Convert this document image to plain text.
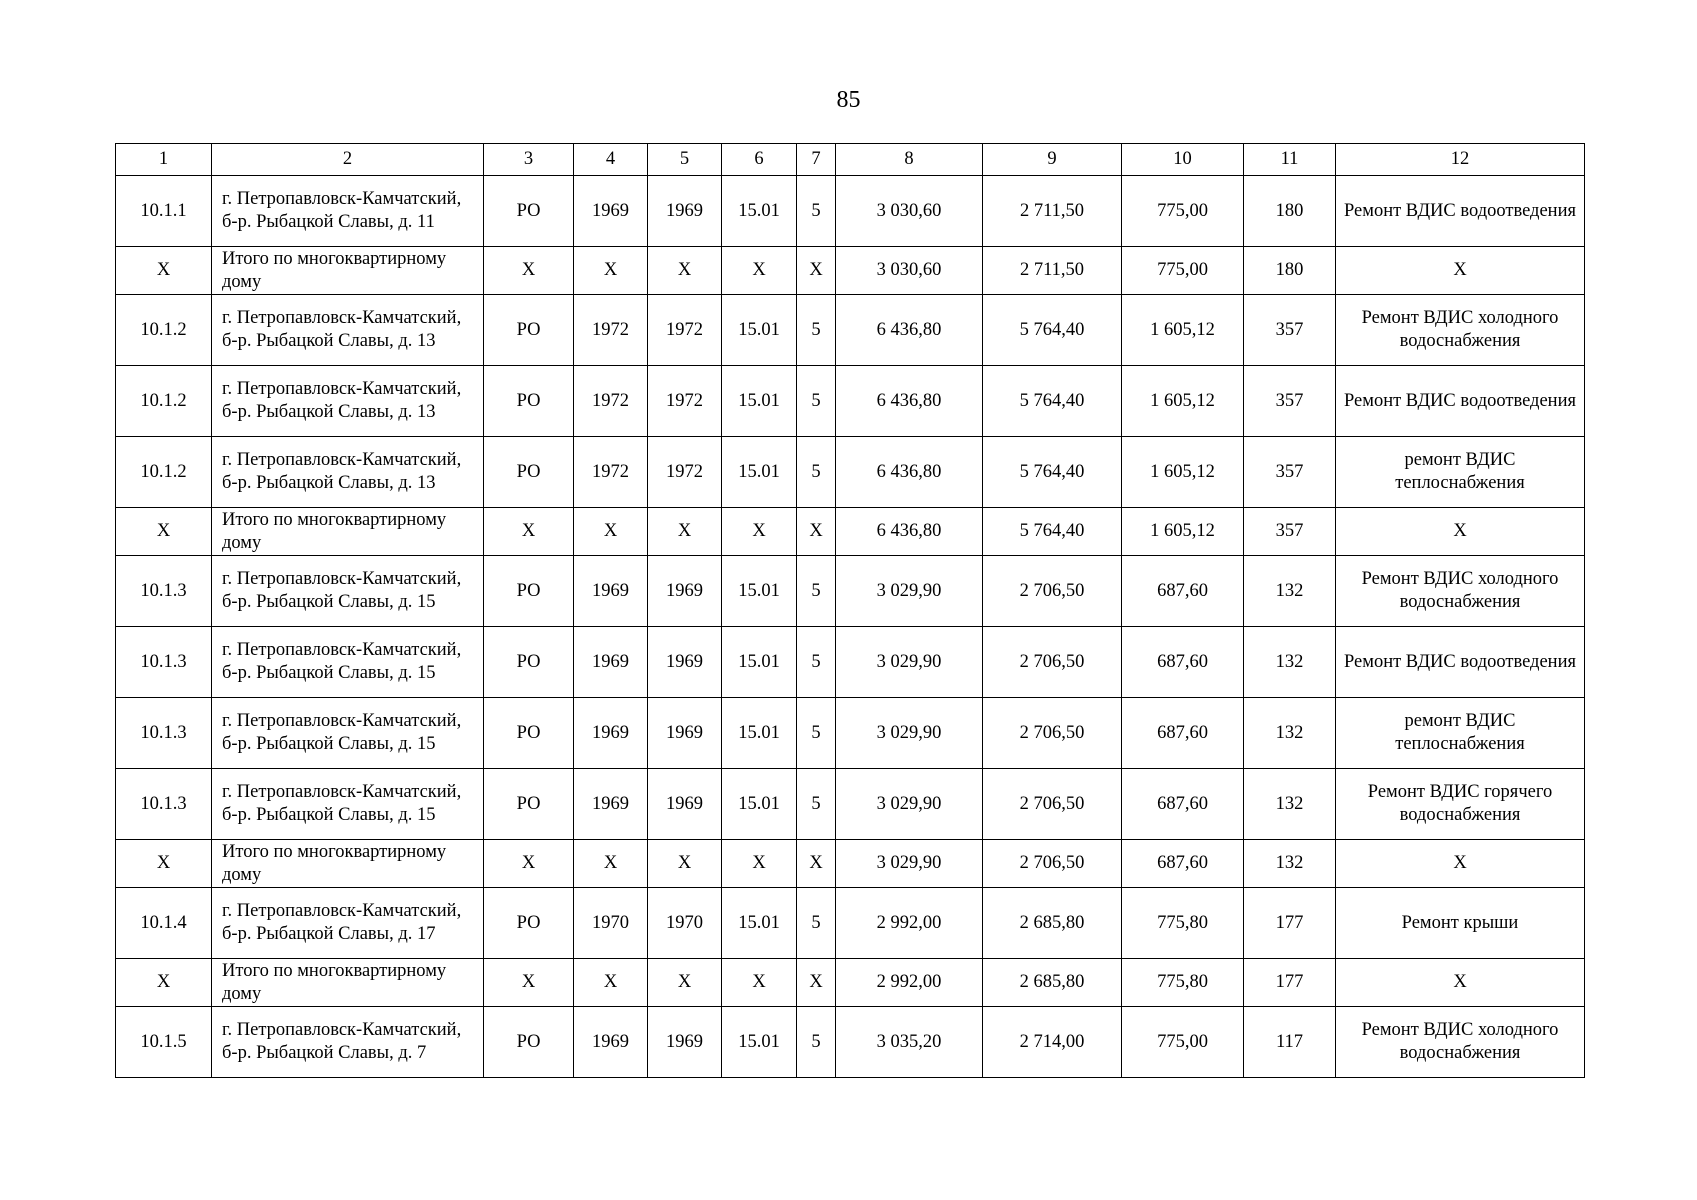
85
1	2	3	4	5	6	7	8	9	10	11	12
10.1.1	г. Петропавловск-Камчатский, б-р. Рыбацкой Славы, д. 11	РО	1969	1969	15.01	5	3 030,60	2 711,50	775,00	180	Ремонт ВДИС водоотведения
Х	Итого по многоквартирному дому	Х	Х	Х	Х	Х	3 030,60	2 711,50	775,00	180	Х
10.1.2	г. Петропавловск-Камчатский, б-р. Рыбацкой Славы, д. 13	РО	1972	1972	15.01	5	6 436,80	5 764,40	1 605,12	357	Ремонт ВДИС холодного водоснабжения
10.1.2	г. Петропавловск-Камчатский, б-р. Рыбацкой Славы, д. 13	РО	1972	1972	15.01	5	6 436,80	5 764,40	1 605,12	357	Ремонт ВДИС водоотведения
10.1.2	г. Петропавловск-Камчатский, б-р. Рыбацкой Славы, д. 13	РО	1972	1972	15.01	5	6 436,80	5 764,40	1 605,12	357	ремонт ВДИС теплоснабжения
Х	Итого по многоквартирному дому	Х	Х	Х	Х	Х	6 436,80	5 764,40	1 605,12	357	Х
10.1.3	г. Петропавловск-Камчатский, б-р. Рыбацкой Славы, д. 15	РО	1969	1969	15.01	5	3 029,90	2 706,50	687,60	132	Ремонт ВДИС холодного водоснабжения
10.1.3	г. Петропавловск-Камчатский, б-р. Рыбацкой Славы, д. 15	РО	1969	1969	15.01	5	3 029,90	2 706,50	687,60	132	Ремонт ВДИС водоотведения
10.1.3	г. Петропавловск-Камчатский, б-р. Рыбацкой Славы, д. 15	РО	1969	1969	15.01	5	3 029,90	2 706,50	687,60	132	ремонт ВДИС теплоснабжения
10.1.3	г. Петропавловск-Камчатский, б-р. Рыбацкой Славы, д. 15	РО	1969	1969	15.01	5	3 029,90	2 706,50	687,60	132	Ремонт ВДИС горячего водоснабжения
Х	Итого по многоквартирному дому	Х	Х	Х	Х	Х	3 029,90	2 706,50	687,60	132	Х
10.1.4	г. Петропавловск-Камчатский, б-р. Рыбацкой Славы, д. 17	РО	1970	1970	15.01	5	2 992,00	2 685,80	775,80	177	Ремонт крыши
Х	Итого по многоквартирному дому	Х	Х	Х	Х	Х	2 992,00	2 685,80	775,80	177	Х
10.1.5	г. Петропавловск-Камчатский, б-р. Рыбацкой Славы, д. 7	РО	1969	1969	15.01	5	3 035,20	2 714,00	775,00	117	Ремонт ВДИС холодного водоснабжения
